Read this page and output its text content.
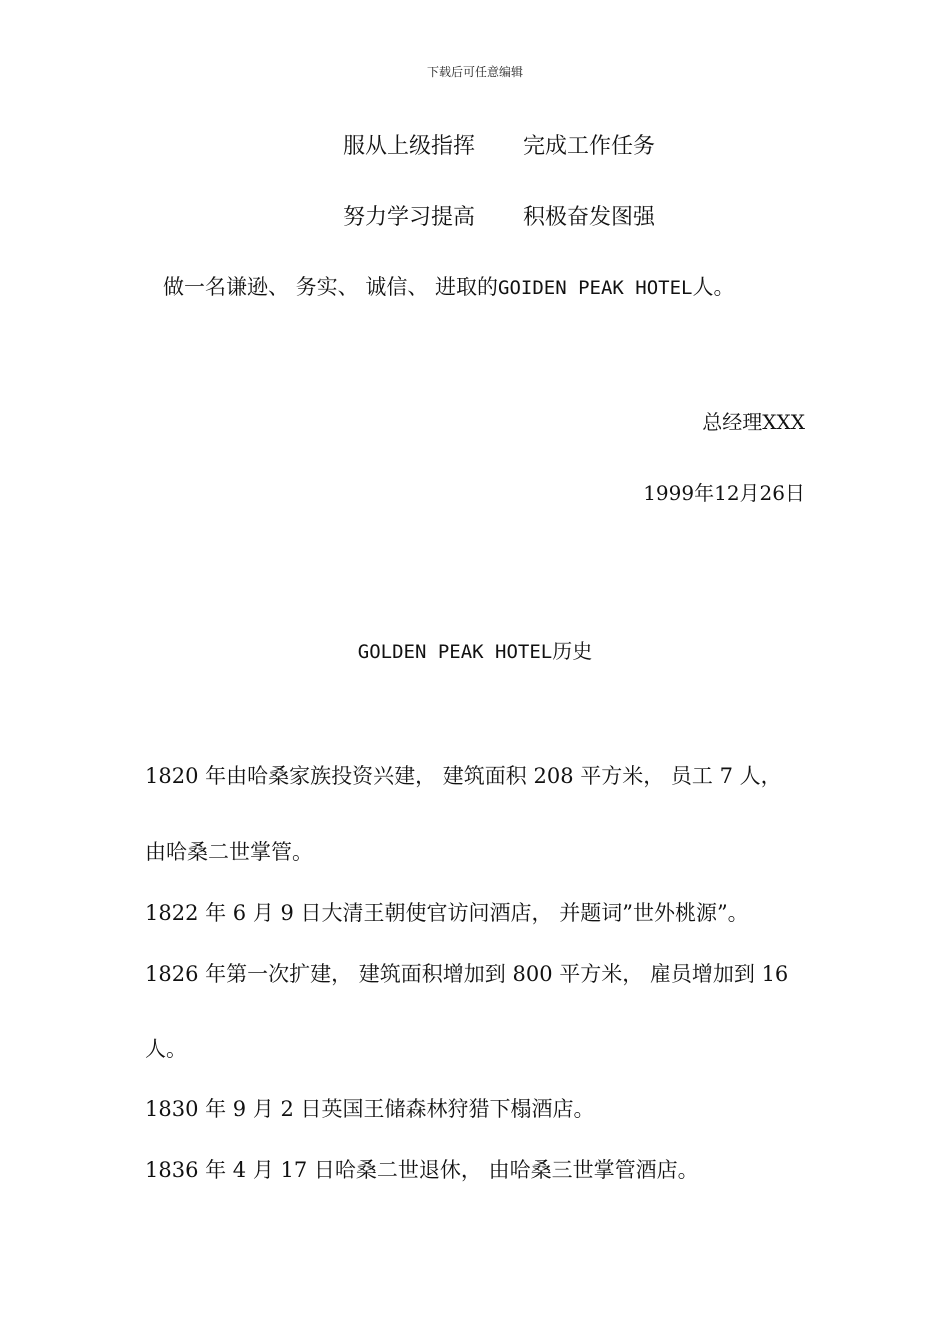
下载后可任意编辑
服从上级指挥 完成工作任务
努力学习提高 积极奋发图强
做一名谦逊、 务实、 诚信、 进取的GOIDEN PEAK HOTEL人。
总经理XXX
1999年12月26日
GOLDEN PEAK HOTEL历史
1820 年由哈桑家族投资兴建， 建筑面积 208 平方米， 员工 7 人，
由哈桑二世掌管。
1822 年 6 月 9 日大清王朝使官访问酒店， 并题词”世外桃源”。
1826 年第一次扩建， 建筑面积增加到 800 平方米， 雇员增加到 16
人。
1830 年 9 月 2 日英国王储森林狩猎下榻酒店。
1836 年 4 月 17 日哈桑二世退休， 由哈桑三世掌管酒店。
